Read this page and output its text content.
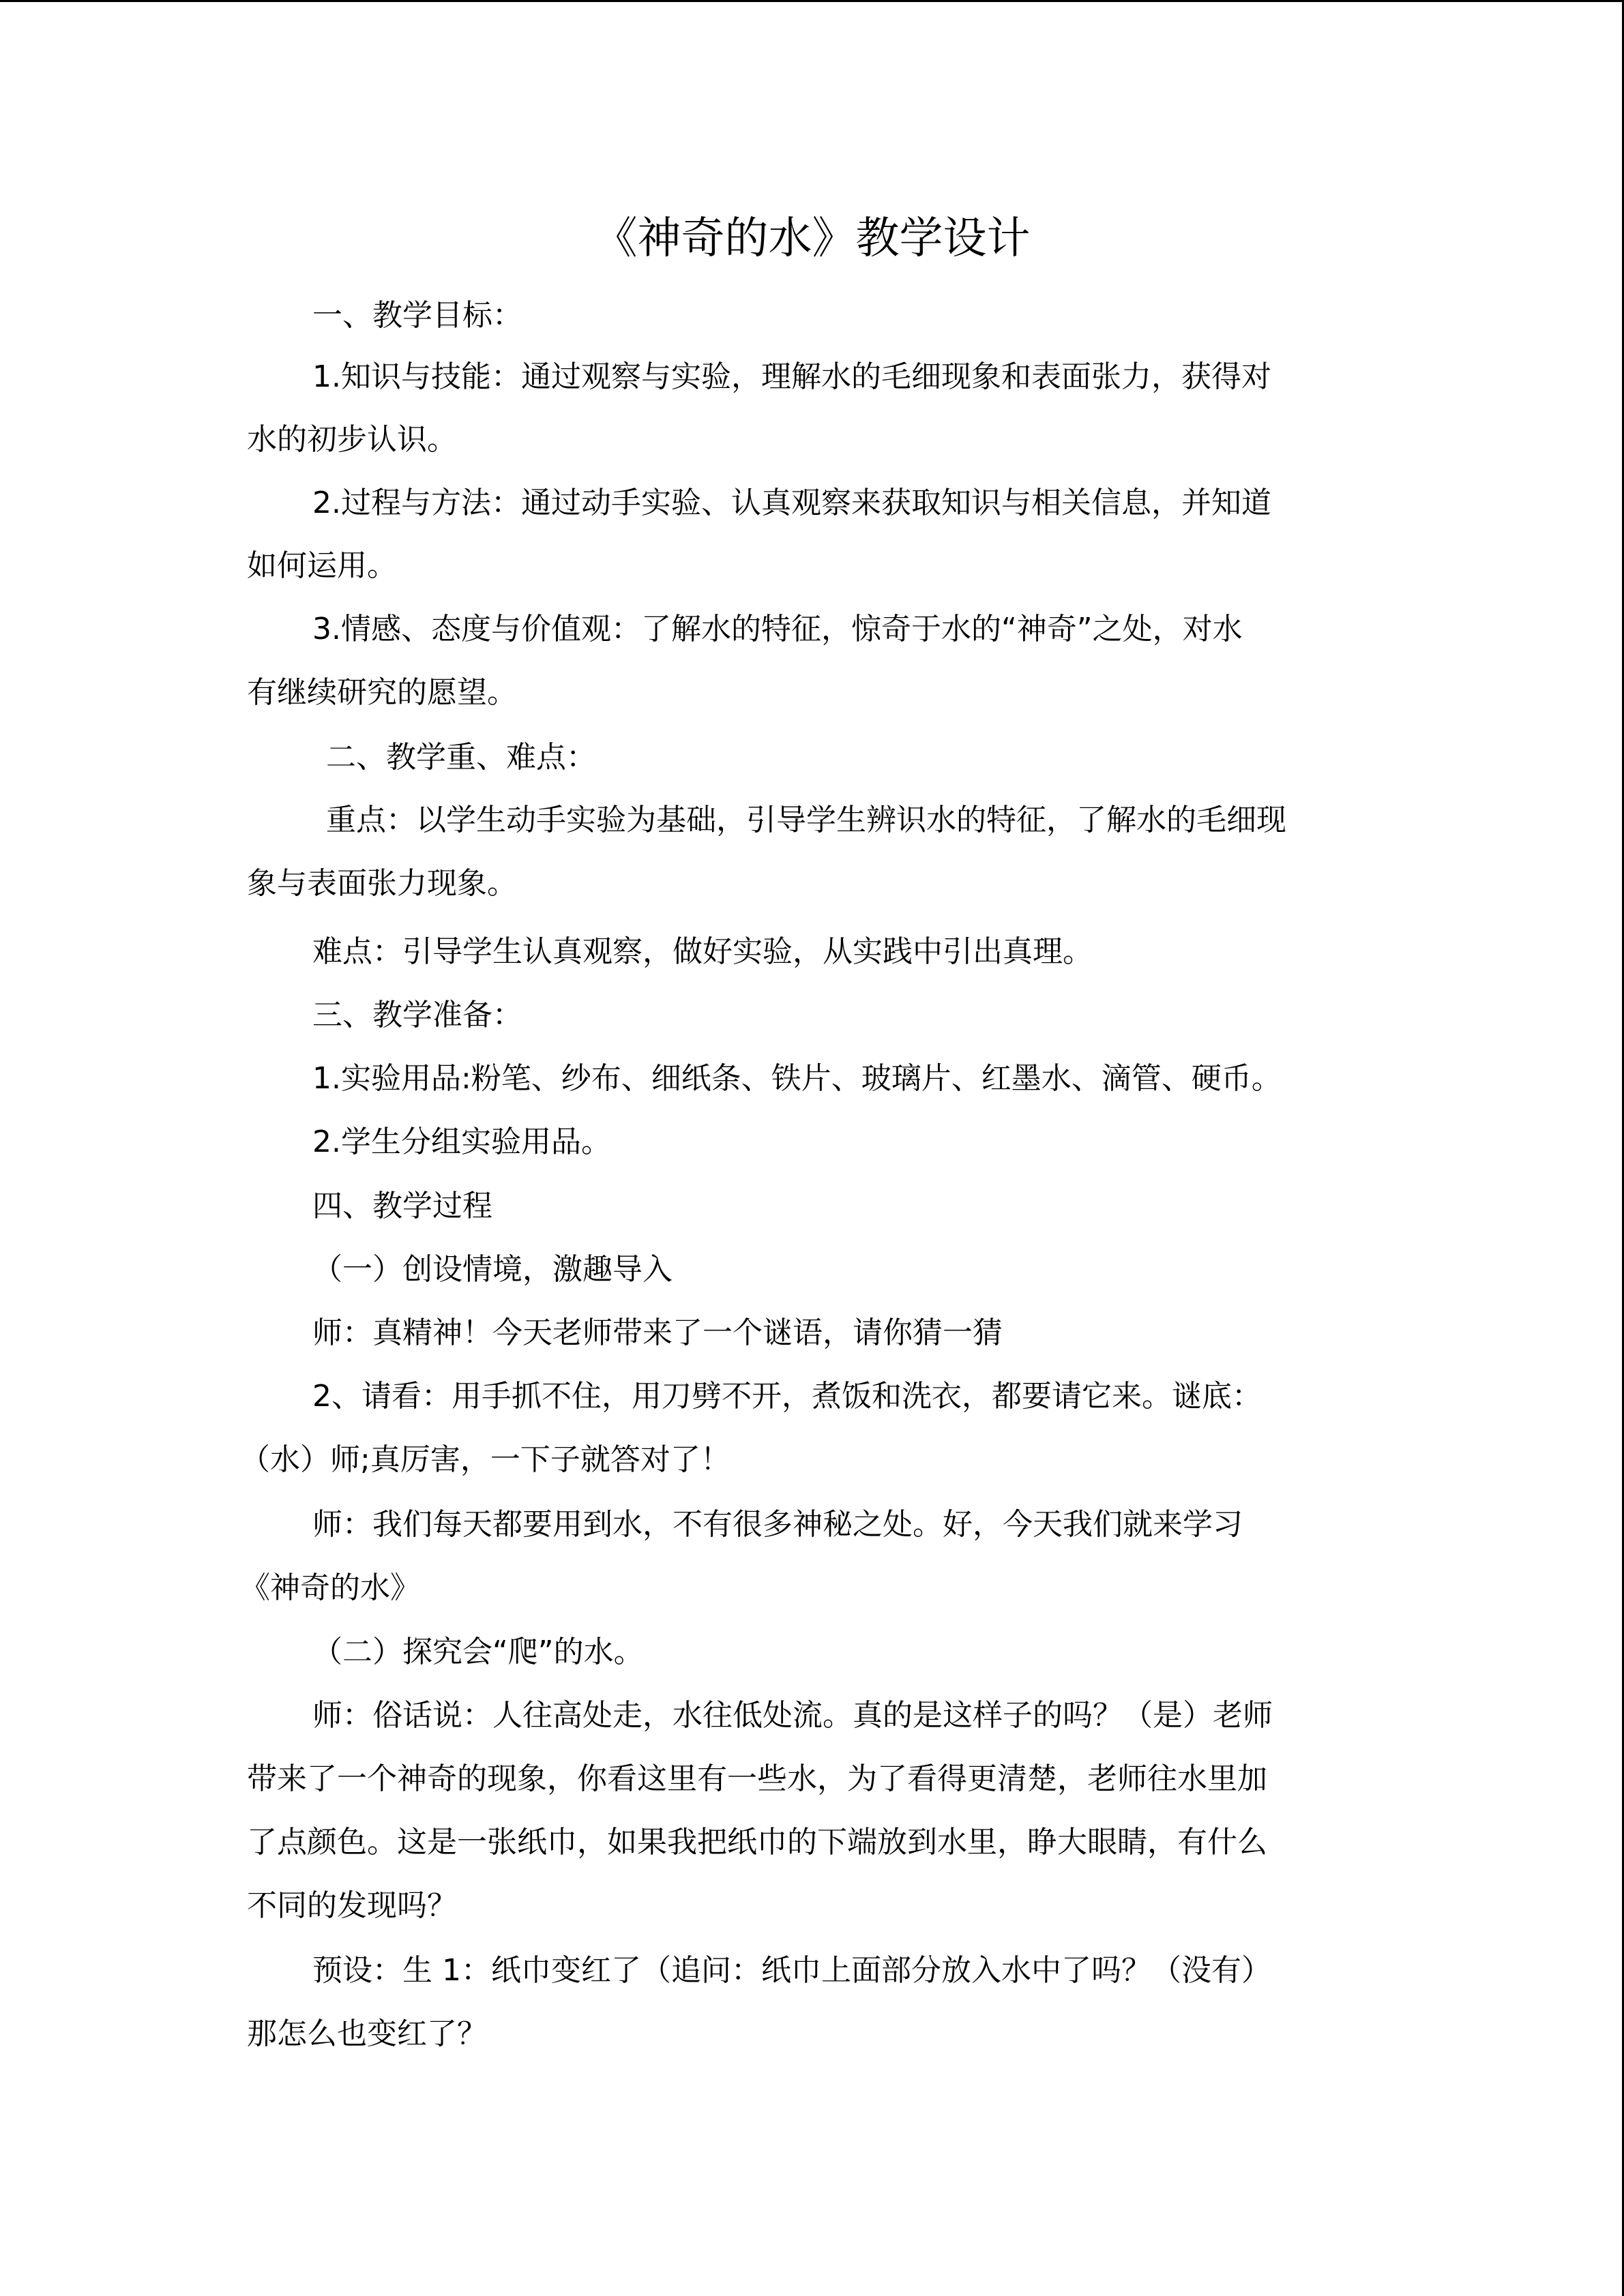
《神奇的水》教学设计
一、教学目标：
1.知识与技能：通过观察与实验，理解水的毛细现象和表面张力，获得对
水的初步认识。
2.过程与方法：通过动手实验、认真观察来获取知识与相关信息，并知道
如何运用。
3.情感、态度与价值观：了解水的特征，惊奇于水的“神奇”之处，对水
有继续研究的愿望。
二、教学重、难点：
重点：以学生动手实验为基础，引导学生辨识水的特征，了解水的毛细现
象与表面张力现象。
难点：引导学生认真观察，做好实验，从实践中引出真理。
三、教学准备：
1.实验用品:粉笔、纱布、细纸条、铁片、玻璃片、红墨水、滴管、硬币。
2.学生分组实验用品。
四、教学过程
（一）创设情境，激趣导入
师：真精神！今天老师带来了一个谜语，请你猜一猜
2、请看：用手抓不住，用刀劈不开，煮饭和洗衣，都要请它来。谜底：
（水）师;真厉害，一下子就答对了！
师：我们每天都要用到水，不有很多神秘之处。好，今天我们就来学习
《神奇的水》
（二）探究会“爬”的水。
师：俗话说：人往高处走，水往低处流。真的是这样子的吗？（是）老师
带来了一个神奇的现象，你看这里有一些水，为了看得更清楚，老师往水里加
了点颜色。这是一张纸巾，如果我把纸巾的下端放到水里，睁大眼睛，有什么
不同的发现吗？
预设：生 1：纸巾变红了（追问：纸巾上面部分放入水中了吗？（没有）
那怎么也变红了？
